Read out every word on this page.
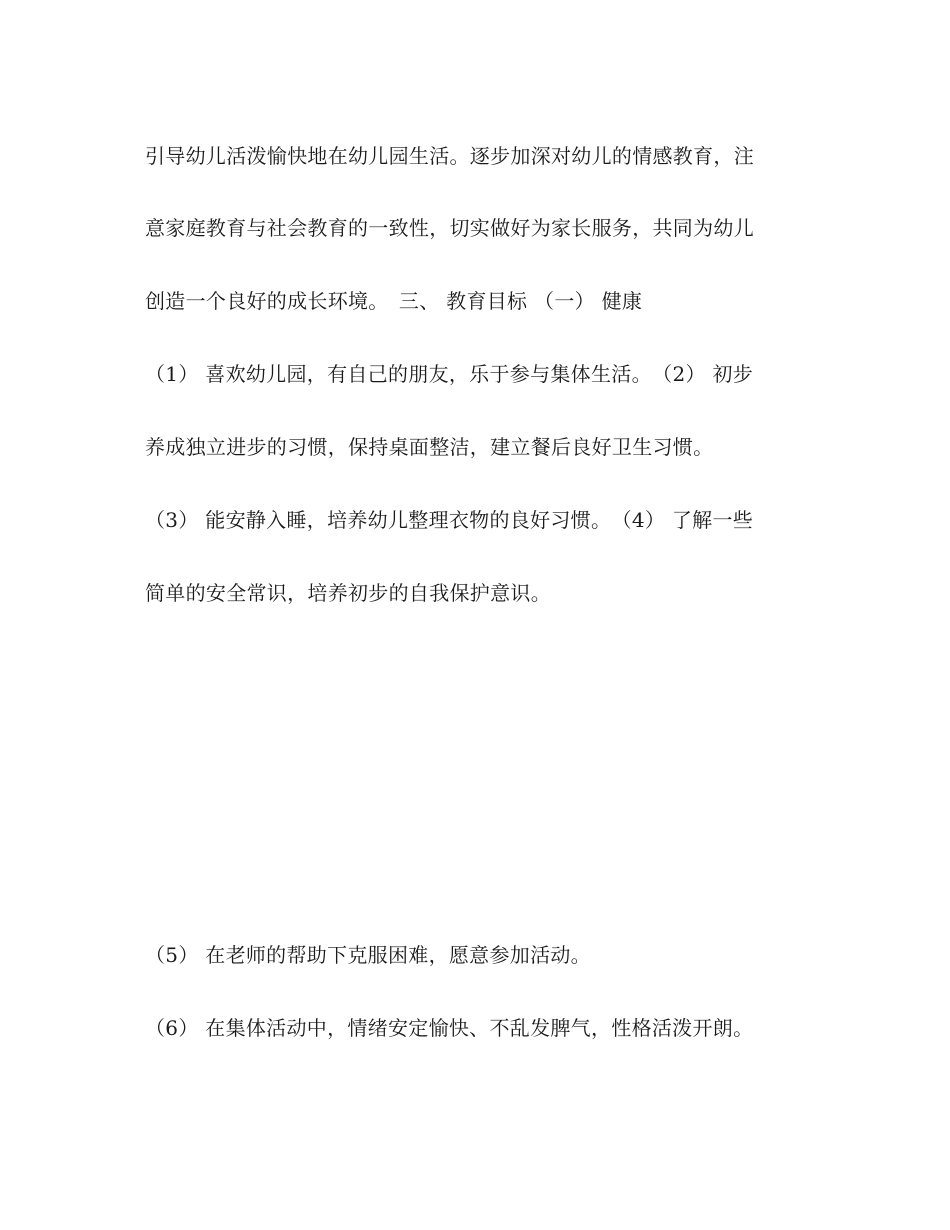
引导幼儿活泼愉快地在幼儿园生活。逐步加深对幼儿的情感教育，注
意家庭教育与社会教育的一致性，切实做好为家长服务，共同为幼儿
创造一个良好的成长环境。　三、 教育目标 （一） 健康
（1） 喜欢幼儿园，有自己的朋友，乐于参与集体生活。　（2） 初步
养成独立进步的习惯，保持桌面整洁，建立餐后良好卫生习惯。
（3） 能安静入睡，培养幼儿整理衣物的良好习惯。　（4） 了解一些
简单的安全常识，培养初步的自我保护意识。
（5） 在老师的帮助下克服困难，愿意参加活动。
（6） 在集体活动中，情绪安定愉快、不乱发脾气，性格活泼开朗。
